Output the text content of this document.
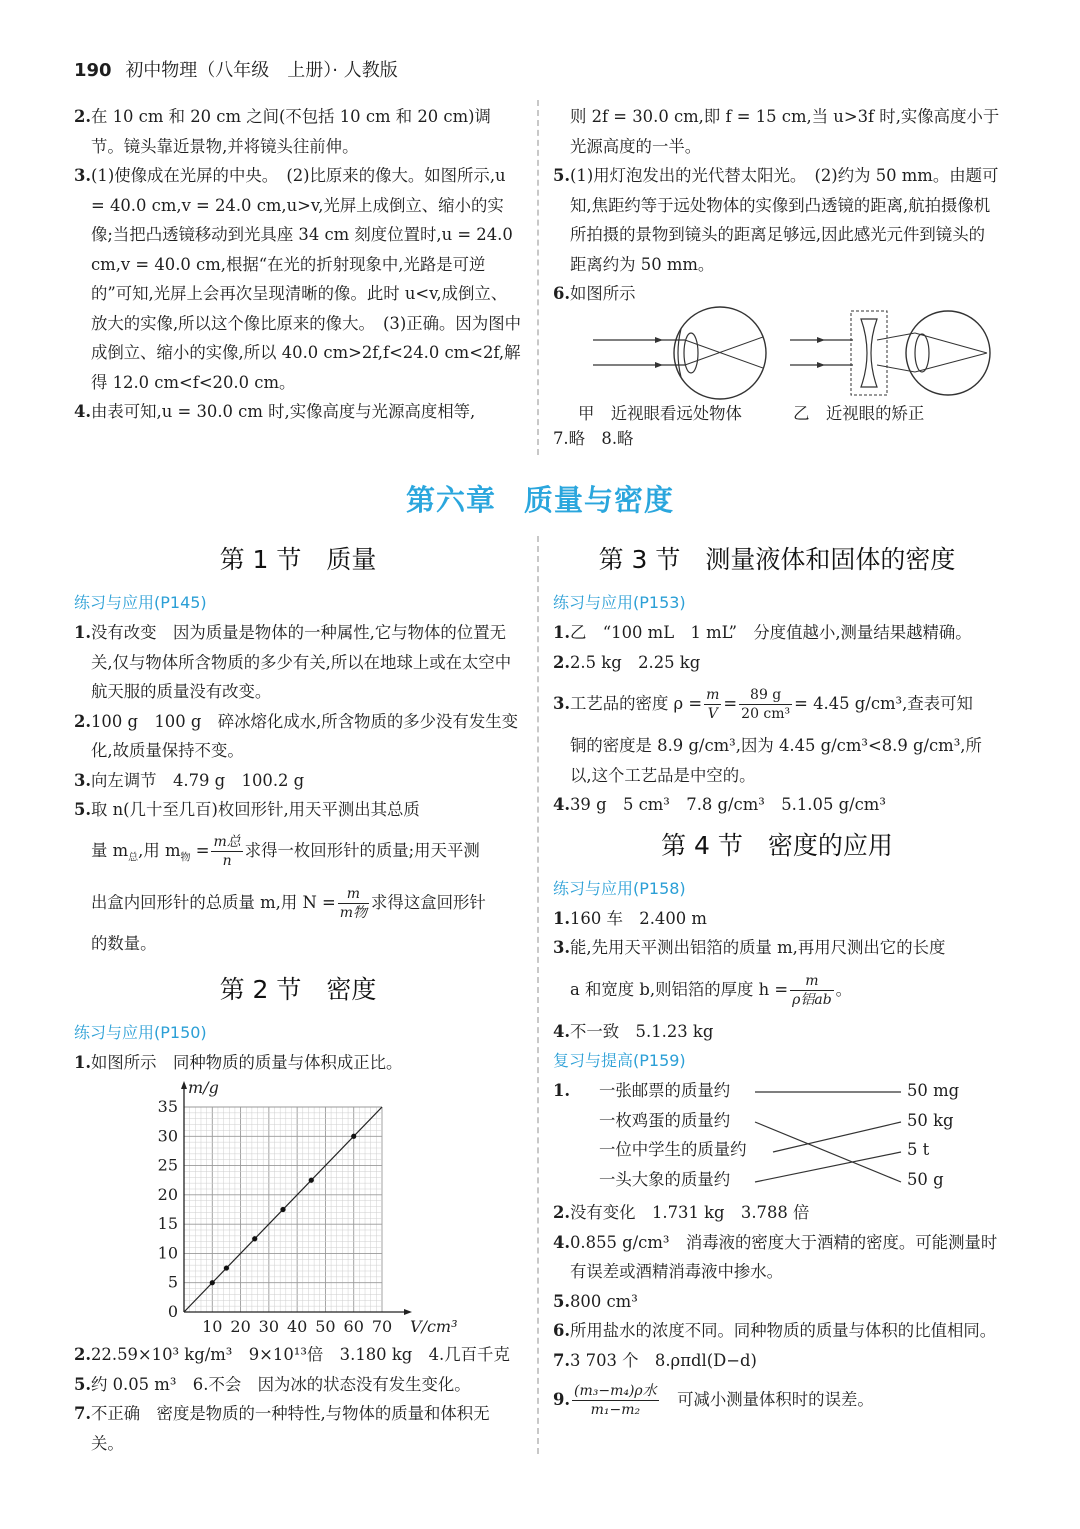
190 初中物理（八年级　上册）· 人教版

2. 在 10 cm 和 20 cm 之间(不包括 10 cm 和 20 cm)调节。镜头靠近景物,并将镜头往前伸。

3. (1)使像成在光屏的中央。　(2)比原来的像大。如图所示,u = 40.0 cm,v = 24.0 cm,u>v,光屏上成倒立、缩小的实像;当把凸透镜移动到光具座 34 cm 刻度位置时,u = 24.0 cm,v = 40.0 cm,根据“在光的折射现象中,光路是可逆的”可知,光屏上会再次呈现清晰的像。此时 u<v,成倒立、放大的实像,所以这个像比原来的像大。　(3)正确。因为图中成倒立、缩小的实像,所以 40.0 cm>2f,f<24.0 cm<2f,解得 12.0 cm<f<20.0 cm。

4. 由表可知,u = 30.0 cm 时,实像高度与光源高度相等,

则 2f = 30.0 cm,即 f = 15 cm,当 u>3f 时,实像高度小于光源高度的一半。

5. (1)用灯泡发出的光代替太阳光。　(2)约为 50 mm。由题可知,焦距约等于远处物体的实像到凸透镜的距离,航拍摄像机所拍摄的景物到镜头的距离足够远,因此感光元件到镜头的距离约为 50 mm。

6. 如图所示

甲　近视眼看远处物体	乙　近视眼的矫正
7.略　8.略
第六章 质量与密度
第 1 节　质量

练习与应用(P145)

1. 没有改变　因为质量是物体的一种属性,它与物体的位置无关,仅与物体所含物质的多少有关,所以在地球上或在太空中航天服的质量没有改变。

2. 100 g　100 g　碎冰熔化成水,所含物质的多少没有发生变化,故质量保持不变。

3. 向左调节　4.79 g　100.2 g

5. 取 n(几十至几百)枚回形针,用天平测出其总质

量 $m_总$,用 $m_物 = \frac{\text{m总}}{n}$ 求得一枚回形针的质量;用天平测

出盒内回形针的总质量 m,用 $N = \frac{m}{\text{m物}}$ 求得这盒回形针

的数量。

第 2 节　密度

练习与应用(P150)

1. 如图所示　同种物质的质量与体积成正比。

10 20 30 40 50 60 70
0
5
10
15
20
25
30
35
V/cm³
m/g

2. 22.59×10³ kg/m³　9×10¹³倍　3.180 kg　4.几百千克

5. 约 0.05 m³　6.不会　因为冰的状态没有发生变化。

7. 不正确　密度是物质的一种特性,与物体的质量和体积无关。

第 3 节　测量液体和固体的密度

练习与应用(P153)

1. 乙　“100 mL　1 mL”　分度值越小,测量结果越精确。

2. 2.5 kg　2.25 kg

3. 工艺品的密度 $\rho = \frac{m}{V} = \frac{89 g}{\text{20 cm³}} = 4.45$ g/cm³,查表可知

铜的密度是 8.9 g/cm³,因为 4.45 g/cm³<8.9 g/cm³,所以,这个工艺品是中空的。

4. 39 g　5 cm³　7.8 g/cm³　5.1.05 g/cm³

第 4 节　密度的应用

练习与应用(P158)

1. 160 车　2.400 m

3. 能,先用天平测出铝箔的质量 m,再用尺测出它的长度

a 和宽度 b,则铝箔的厚度 $h = \frac{m}{\text{ρ铝ab}}$ 。

4. 不一致　5.1.23 kg

复习与提高(P159)

1. 一张邮票的质量约
一枚鸡蛋的质量约
一位中学生的质量约
一头大象的质量约
50 mg
50 kg
5 t
50 g

2. 没有变化　1.731 kg　3.788 倍

4. 0.855 g/cm³　消毒液的密度大于酒精的密度。可能测量时有误差或酒精消毒液中掺水。

5. 800 cm³

6. 所用盐水的浓度不同。同种物质的质量与体积的比值相同。

7. 3 703 个　8.ρπdl(D−d)

9. $\frac{\text{(m₃−m₄)ρ水}}{\text{m₁−m₂}}$
　 可减小测量体积时的误差。
